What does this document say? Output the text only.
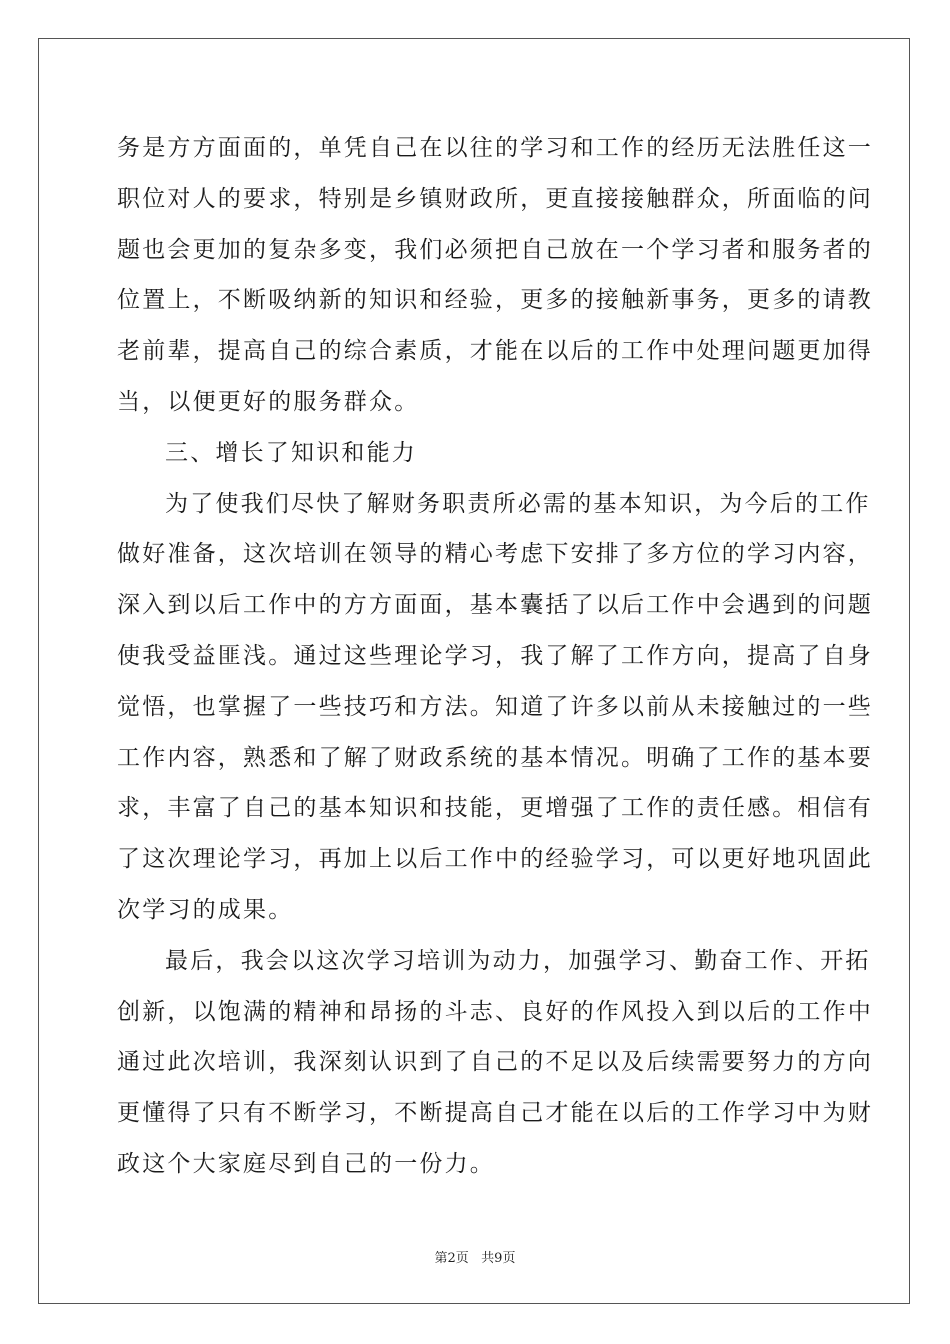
务是方方面面的，单凭自己在以往的学习和工作的经历无法胜任这一
职位对人的要求，特别是乡镇财政所，更直接接触群众，所面临的问
题也会更加的复杂多变，我们必须把自己放在一个学习者和服务者的
位置上，不断吸纳新的知识和经验，更多的接触新事务，更多的请教
老前辈，提高自己的综合素质，才能在以后的工作中处理问题更加得
当，以便更好的服务群众。
三、增长了知识和能力
为了使我们尽快了解财务职责所必需的基本知识，为今后的工作
做好准备，这次培训在领导的精心考虑下安排了多方位的学习内容，
深入到以后工作中的方方面面，基本囊括了以后工作中会遇到的问题
使我受益匪浅。通过这些理论学习，我了解了工作方向，提高了自身
觉悟，也掌握了一些技巧和方法。知道了许多以前从未接触过的一些
工作内容，熟悉和了解了财政系统的基本情况。明确了工作的基本要
求，丰富了自己的基本知识和技能，更增强了工作的责任感。相信有
了这次理论学习，再加上以后工作中的经验学习，可以更好地巩固此
次学习的成果。
最后，我会以这次学习培训为动力，加强学习、勤奋工作、开拓
创新，以饱满的精神和昂扬的斗志、良好的作风投入到以后的工作中
通过此次培训，我深刻认识到了自己的不足以及后续需要努力的方向
更懂得了只有不断学习，不断提高自己才能在以后的工作学习中为财
政这个大家庭尽到自己的一份力。
第2页   共9页
